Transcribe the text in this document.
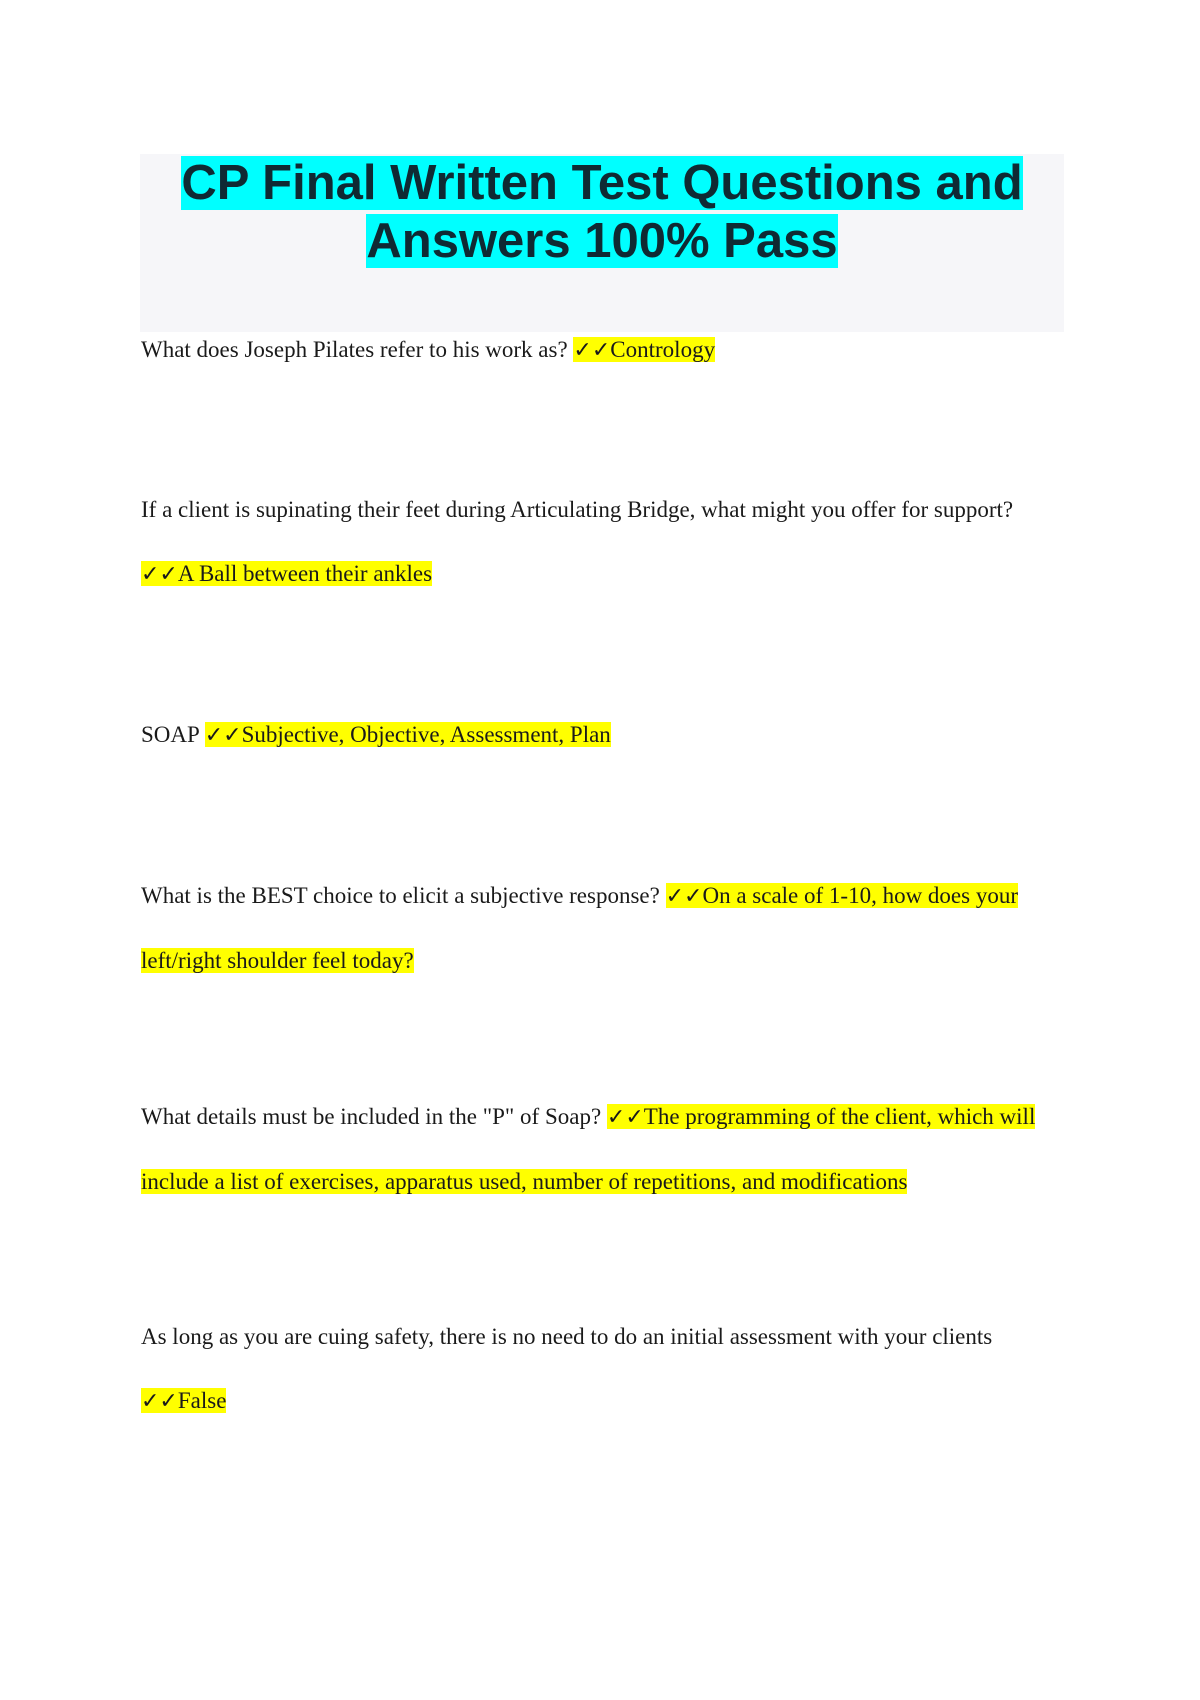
CP Final Written Test Questions and Answers 100% Pass

What does Joseph Pilates refer to his work as? ✓✓Contrology

If a client is supinating their feet during Articulating Bridge, what might you offer for support? ✓✓A Ball between their ankles

SOAP ✓✓Subjective, Objective, Assessment, Plan

What is the BEST choice to elicit a subjective response? ✓✓On a scale of 1-10, how does your left/right shoulder feel today?

What details must be included in the "P" of Soap? ✓✓The programming of the client, which will include a list of exercises, apparatus used, number of repetitions, and modifications

As long as you are cuing safety, there is no need to do an initial assessment with your clients ✓✓False
